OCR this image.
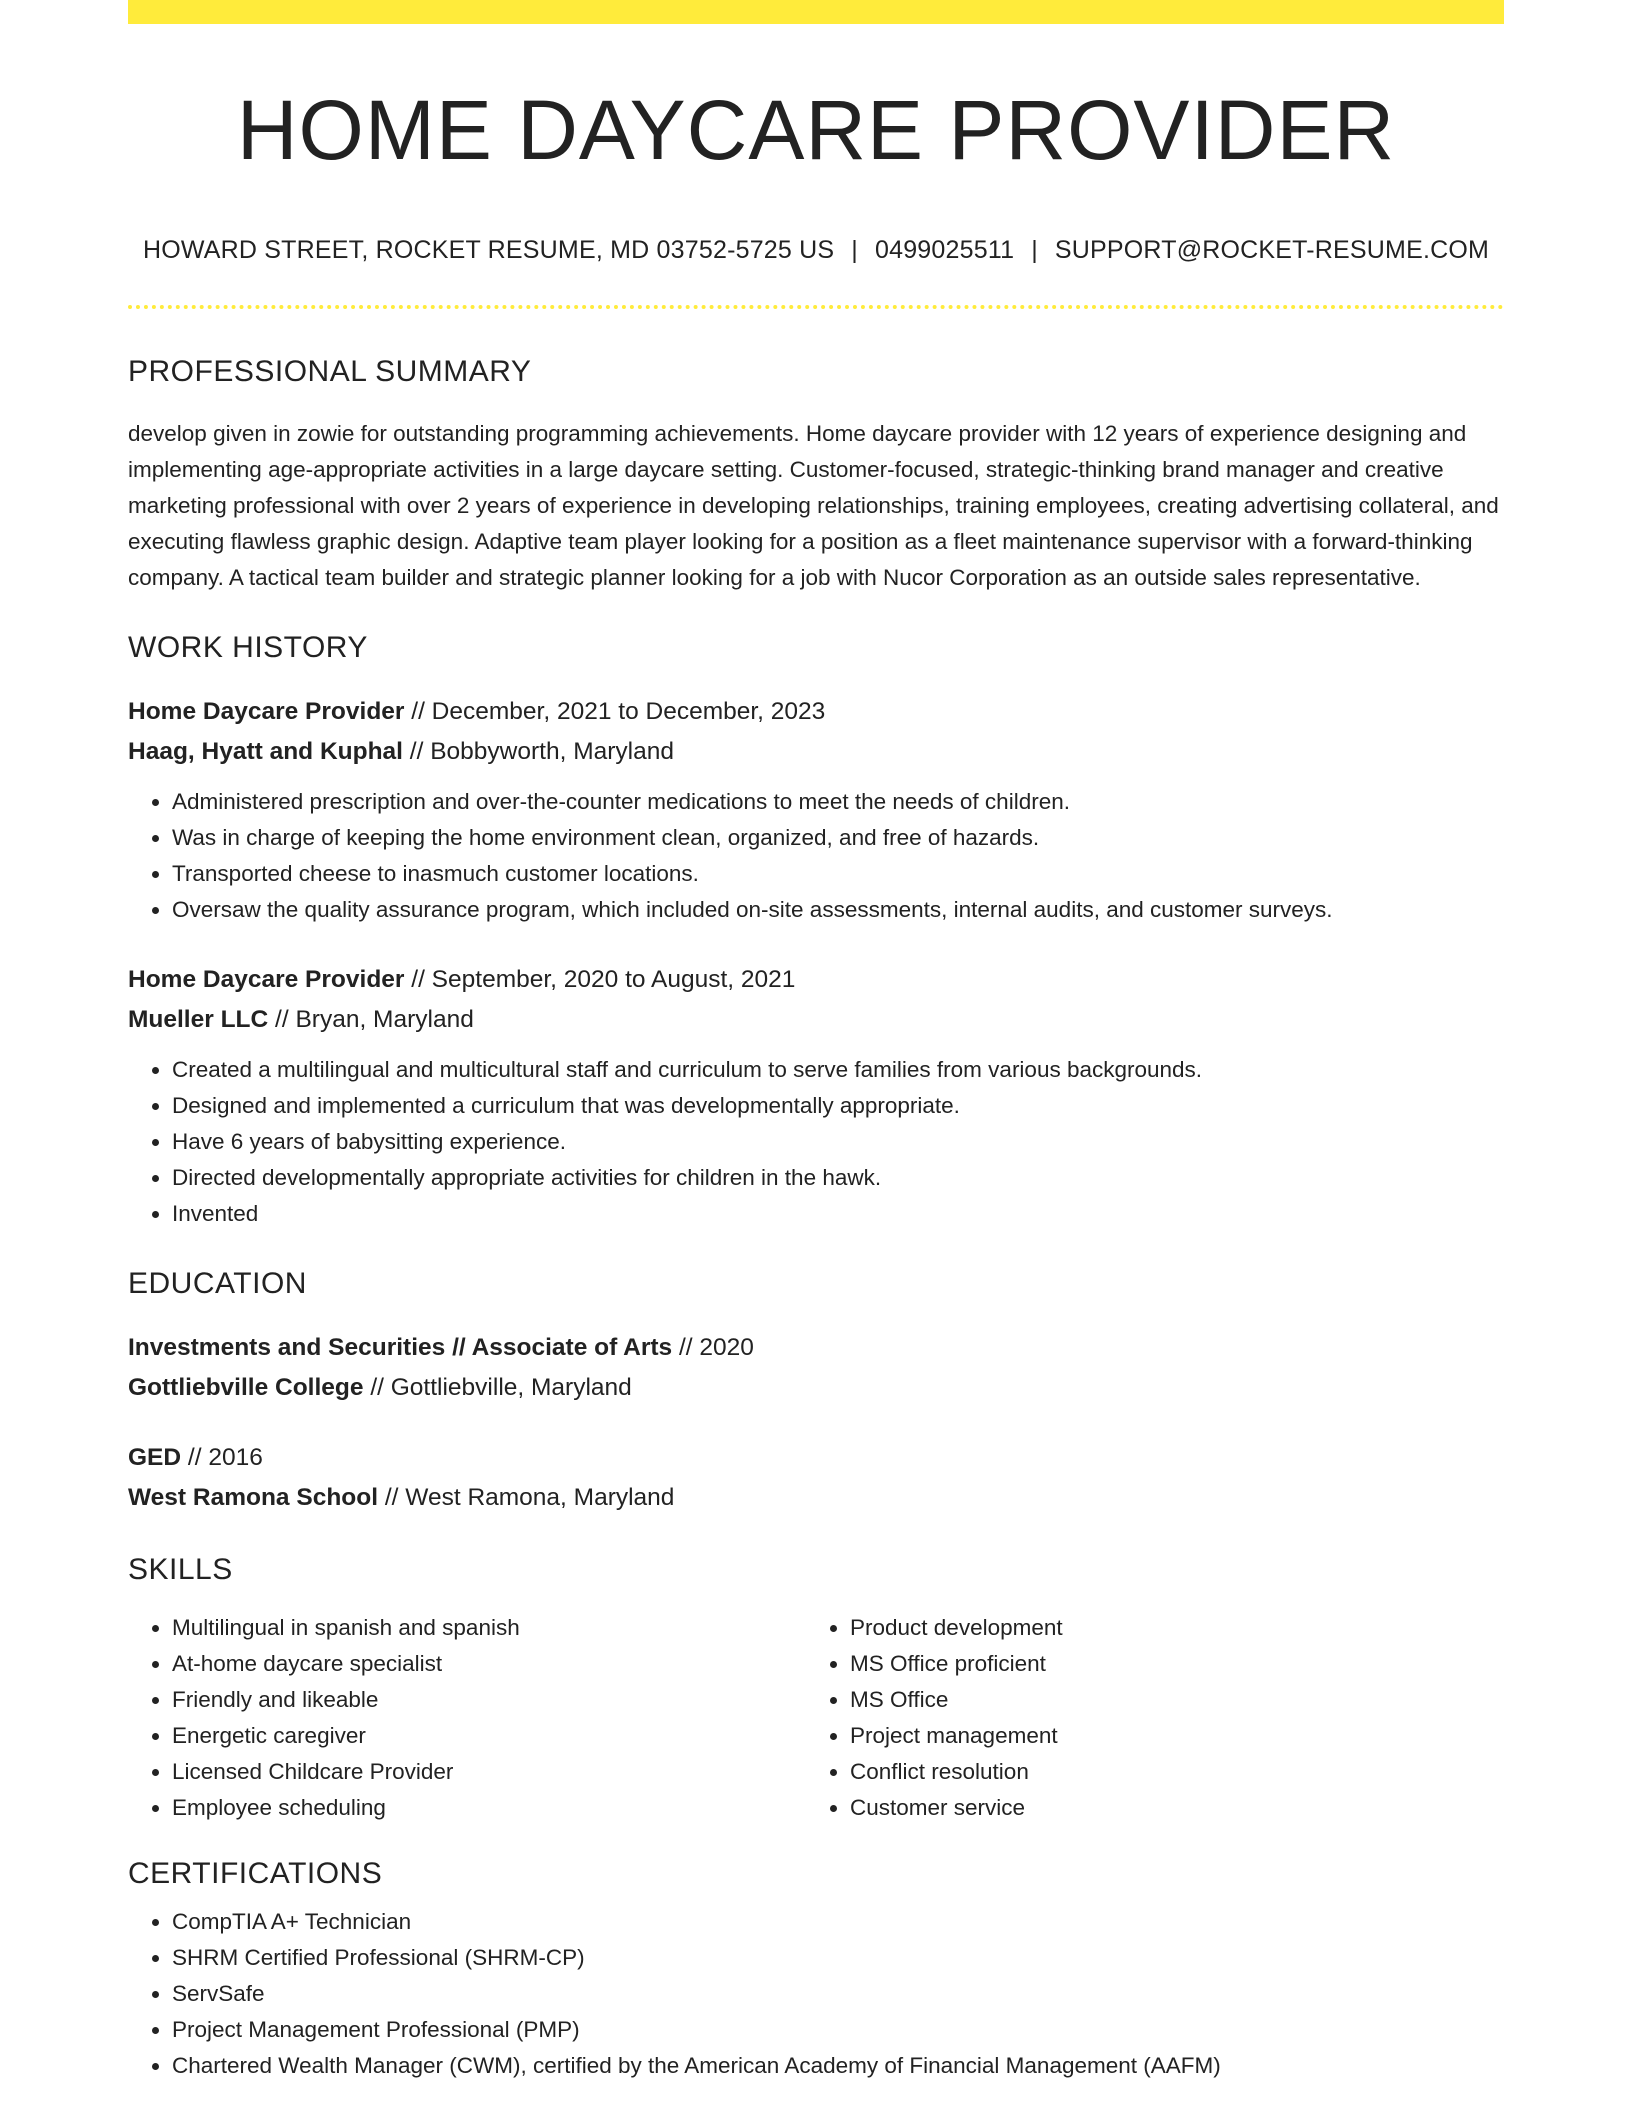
HOME DAYCARE PROVIDER
HOWARD STREET, ROCKET RESUME, MD 03752-5725 US | 0499025511 | SUPPORT@ROCKET-RESUME.COM
PROFESSIONAL SUMMARY

develop given in zowie for outstanding programming achievements. Home daycare provider with 12 years of experience designing and implementing age-appropriate activities in a large daycare setting. Customer-focused, strategic-thinking brand manager and creative marketing professional with over 2 years of experience in developing relationships, training employees, creating advertising collateral, and executing flawless graphic design. Adaptive team player looking for a position as a fleet maintenance supervisor with a forward-thinking company. A tactical team builder and strategic planner looking for a job with Nucor Corporation as an outside sales representative.

WORK HISTORY
Home Daycare Provider // December, 2021 to December, 2023
Haag, Hyatt and Kuphal // Bobbyworth, Maryland
• Administered prescription and over-the-counter medications to meet the needs of children.
• Was in charge of keeping the home environment clean, organized, and free of hazards.
• Transported cheese to inasmuch customer locations.
• Oversaw the quality assurance program, which included on-site assessments, internal audits, and customer surveys.
Home Daycare Provider // September, 2020 to August, 2021
Mueller LLC // Bryan, Maryland
• Created a multilingual and multicultural staff and curriculum to serve families from various backgrounds.
• Designed and implemented a curriculum that was developmentally appropriate.
• Have 6 years of babysitting experience.
• Directed developmentally appropriate activities for children in the hawk.
• Invented
EDUCATION
Investments and Securities // Associate of Arts // 2020
Gottliebville College // Gottliebville, Maryland
GED // 2016
West Ramona School // West Ramona, Maryland
SKILLS
• Multilingual in spanish and spanish
• At-home daycare specialist
• Friendly and likeable
• Energetic caregiver
• Licensed Childcare Provider
• Employee scheduling
• Product development
• MS Office proficient
• MS Office
• Project management
• Conflict resolution
• Customer service
CERTIFICATIONS
• CompTIA A+ Technician
• SHRM Certified Professional (SHRM-CP)
• ServSafe
• Project Management Professional (PMP)
• Chartered Wealth Manager (CWM), certified by the American Academy of Financial Management (AAFM)
